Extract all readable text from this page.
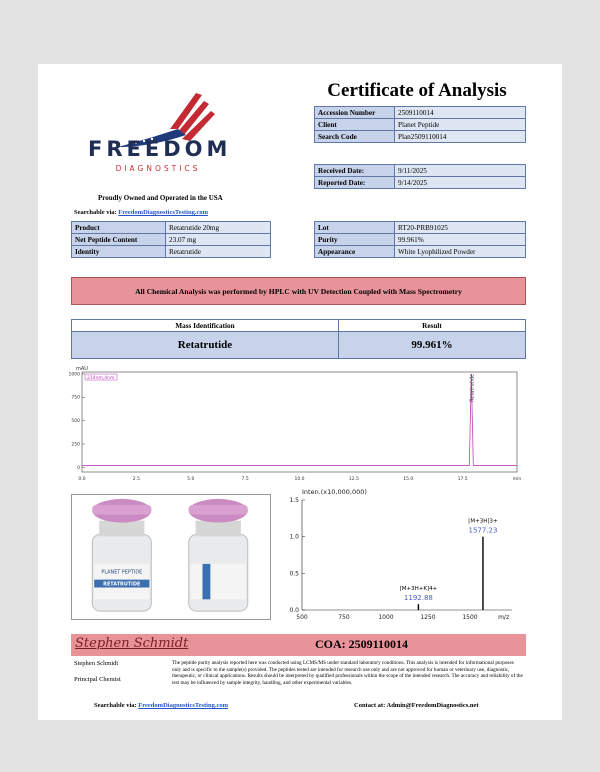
FREEDOM
DIAGNOSTICS
Proudly Owned and Operated in the USA
Searchable via: FreedomDiagnosticsTesting.com
Certificate of Analysis
Accession Number	2509110014
Client	Planet Peptide
Search Code	Plan2509110014
Received Date:	9/11/2025
Reported Date:	9/14/2025
Product	Retatrutide 20mg
Net Peptide Content	23.07 mg
Identity	Retatrutide
Lot	RT20-PRB91025
Purity	99.961%
Appearance	White Lyophilized Powder
All Chemical Analysis was performed by HPLC with UV Detection Coupled with Mass Spectrometry
Mass Identification	Result
Retatrutide	99.961%
mAU
214nm,4nm
1000
750
500
250
0
0.0	2.5	5.0	7.5	10.0	12.5	15.0	17.5	min
Retatrutide
PLANET PEPTIDE
RETATRUTIDE
Inten.(x10,000,000)
1.5
1.0
0.5
0.0
500	750	1000	1250	1500	m/z
[M+3H+K]4+
1192.88
[M+3H]3+
1577.23
Stephen Schmidt	COA: 2509110014
Stephen Schmidt
Principal Chemist
The peptide purity analysis reported here was conducted using LCMS/MS under standard laboratory conditions. This analysis is intended for informational purposes only and is specific to the sample(s) provided. The peptides tested are intended for research use only and are not approved for human or veterinary use, diagnostic, therapeutic, or clinical applications. Results should be interpreted by qualified professionals within the scope of the intended research. The accuracy and reliability of the test may be influenced by sample integrity, handling, and other experimental variables.
Searchable via: FreedomDiagnosticsTesting.com	Contact at: Admin@FreedomDiagnostics.net
